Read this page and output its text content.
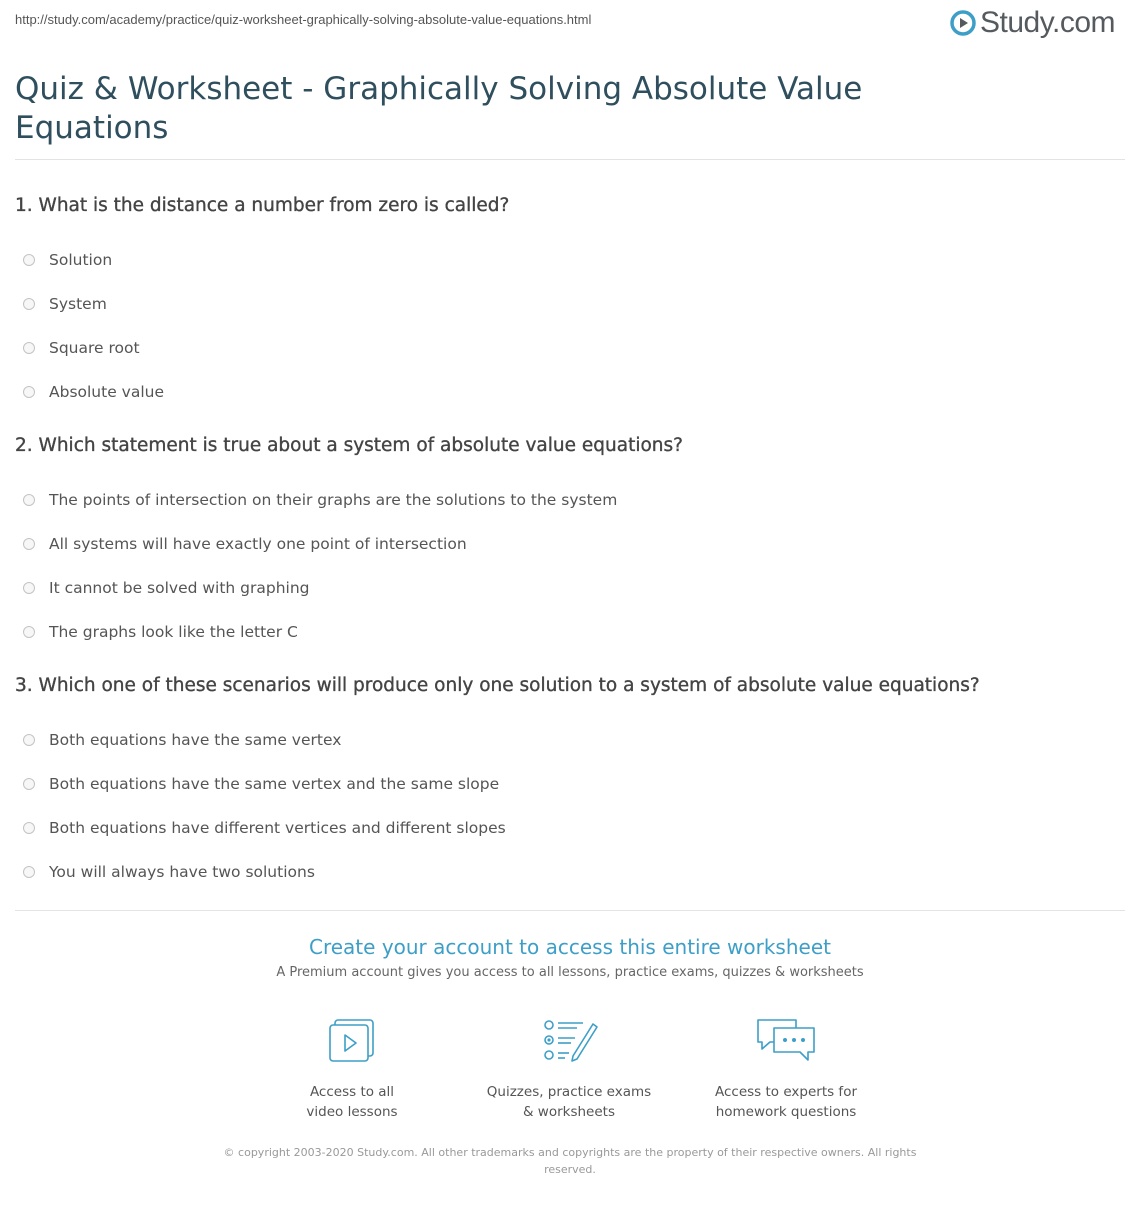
http://study.com/academy/practice/quiz-worksheet-graphically-solving-absolute-value-equations.html	Study.com
Quiz & Worksheet - Graphically Solving Absolute Value Equations
1. What is the distance a number from zero is called?
Solution
System
Square root
Absolute value
2. Which statement is true about a system of absolute value equations?
The points of intersection on their graphs are the solutions to the system
All systems will have exactly one point of intersection
It cannot be solved with graphing
The graphs look like the letter C
3. Which one of these scenarios will produce only one solution to a system of absolute value equations?
Both equations have the same vertex
Both equations have the same vertex and the same slope
Both equations have different vertices and different slopes
You will always have two solutions
Create your account to access this entire worksheet
A Premium account gives you access to all lessons, practice exams, quizzes & worksheets
Access to all
video lessons
Quizzes, practice exams
& worksheets
Access to experts for
homework questions
© copyright 2003-2020 Study.com. All other trademarks and copyrights are the property of their respective owners. All rights reserved.
